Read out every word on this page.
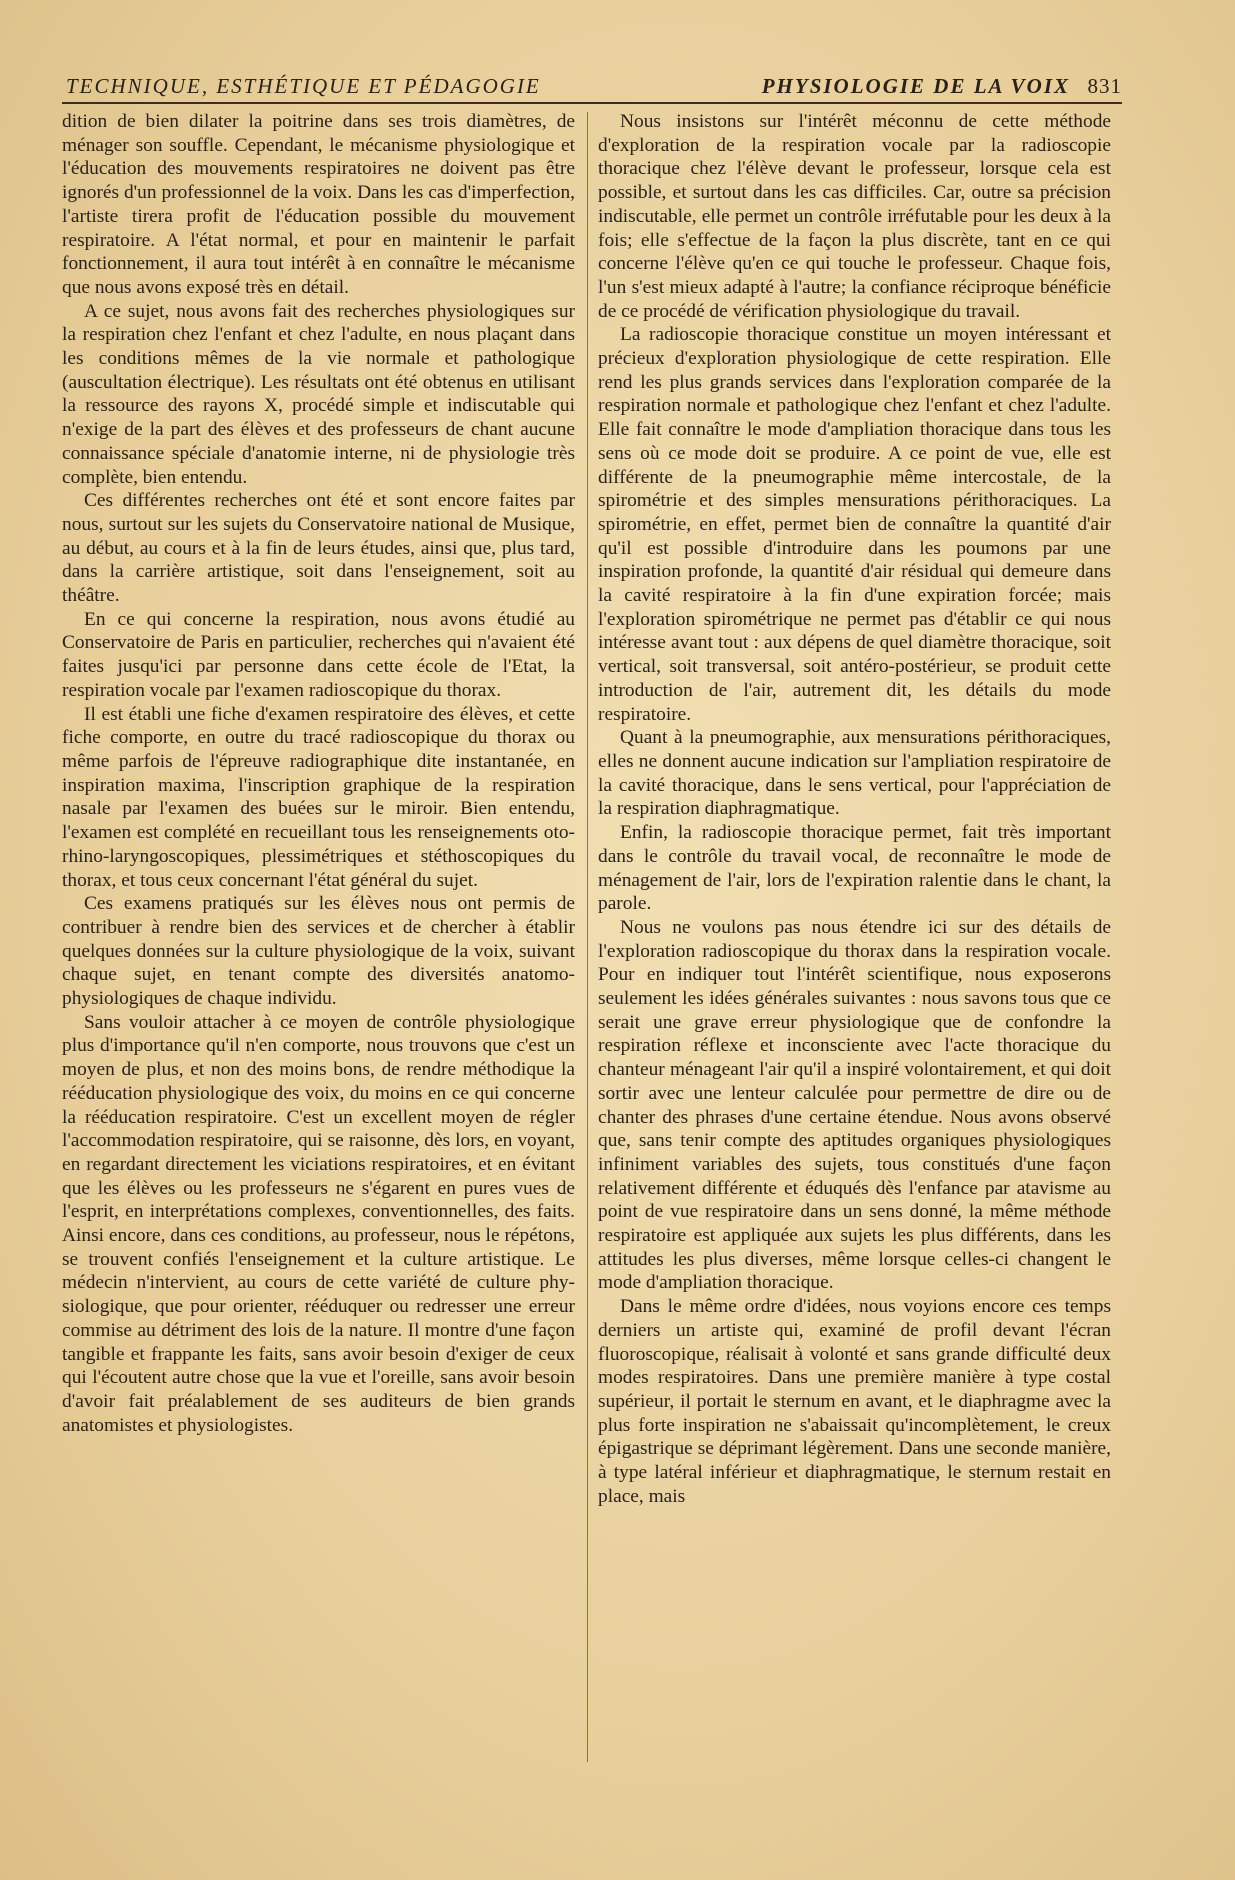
TECHNIQUE, ESTHÉTIQUE ET PÉDAGOGIE	PHYSIOLOGIE DE LA VOIX 831

dition de bien dilater la poitrine dans ses trois diamètres, de ménager son souffle. Cependant, le mécanisme physiologique et l'éducation des mouvements respiratoires ne doivent pas être ignorés d'un professionnel de la voix. Dans les cas d'imperfection, l'artiste tirera profit de l'éducation possible du mouvement respiratoire. A l'état normal, et pour en maintenir le parfait fonctionnement, il aura tout intérêt à en connaître le mécanisme que nous avons exposé très en détail.

A ce sujet, nous avons fait des recherches physiologiques sur la respiration chez l'enfant et chez l'adulte, en nous plaçant dans les conditions mêmes de la vie normale et pathologique (auscultation électrique). Les résultats ont été obtenus en utilisant la ressource des rayons X, procédé simple et indiscutable qui n'exige de la part des élèves et des professeurs de chant aucune connaissance spéciale d'anatomie interne, ni de physiologie très complète, bien entendu.

Ces différentes recherches ont été et sont encore faites par nous, surtout sur les sujets du Conservatoire national de Musique, au début, au cours et à la fin de leurs études, ainsi que, plus tard, dans la carrière artistique, soit dans l'enseignement, soit au théâtre.

En ce qui concerne la respiration, nous avons étudié au Conservatoire de Paris en particulier, recherches qui n'avaient été faites jusqu'ici par personne dans cette école de l'Etat, la respiration vocale par l'examen radioscopique du thorax.

Il est établi une fiche d'examen respiratoire des élèves, et cette fiche comporte, en outre du tracé radioscopique du thorax ou même parfois de l'épreuve radiographique dite instantanée, en inspiration maxima, l'inscription graphique de la respiration nasale par l'examen des buées sur le miroir. Bien entendu, l'examen est complété en recueillant tous les renseignements oto-rhino-laryngoscopiques, plessimétriques et stéthoscopiques du thorax, et tous ceux concernant l'état général du sujet.

Ces examens pratiqués sur les élèves nous ont permis de contribuer à rendre bien des services et de chercher à établir quelques données sur la culture physiologique de la voix, suivant chaque sujet, en tenant compte des diversités anatomo-physiologiques de chaque individu.

Sans vouloir attacher à ce moyen de contrôle physiologique plus d'importance qu'il n'en comporte, nous trouvons que c'est un moyen de plus, et non des moins bons, de rendre méthodique la rééducation physiologique des voix, du moins en ce qui concerne la rééducation respiratoire. C'est un excellent moyen de régler l'accommodation respiratoire, qui se raisonne, dès lors, en voyant, en regardant directement les viciations respiratoires, et en évitant que les élèves ou les professeurs ne s'égarent en pures vues de l'esprit, en interprétations complexes, conventionnelles, des faits. Ainsi encore, dans ces conditions, au professeur, nous le répétons, se trouvent confiés l'enseignement et la culture artistique. Le médecin n'intervient, au cours de cette variété de culture physiologique, que pour orienter, rééduquer ou redresser une erreur commise au détriment des lois de la nature. Il montre d'une façon tangible et frappante les faits, sans avoir besoin d'exiger de ceux qui l'écoutent autre chose que la vue et l'oreille, sans avoir besoin d'avoir fait préalablement de ses auditeurs de bien grands anatomistes et physiologistes.

Nous insistons sur l'intérêt méconnu de cette méthode d'exploration de la respiration vocale par la radioscopie thoracique chez l'élève devant le professeur, lorsque cela est possible, et surtout dans les cas difficiles. Car, outre sa précision indiscutable, elle permet un contrôle irréfutable pour les deux à la fois; elle s'effectue de la façon la plus discrète, tant en ce qui concerne l'élève qu'en ce qui touche le professeur. Chaque fois, l'un s'est mieux adapté à l'autre; la confiance réciproque bénéficie de ce procédé de vérification physiologique du travail.

La radioscopie thoracique constitue un moyen intéressant et précieux d'exploration physiologique de cette respiration. Elle rend les plus grands services dans l'exploration comparée de la respiration normale et pathologique chez l'enfant et chez l'adulte. Elle fait connaître le mode d'ampliation thoracique dans tous les sens où ce mode doit se produire. A ce point de vue, elle est différente de la pneumographie même intercostale, de la spirométrie et des simples mensurations périthoraciques. La spirométrie, en effet, permet bien de connaître la quantité d'air qu'il est possible d'introduire dans les poumons par une inspiration profonde, la quantité d'air résidual qui demeure dans la cavité respiratoire à la fin d'une expiration forcée; mais l'exploration spirométrique ne permet pas d'établir ce qui nous intéresse avant tout : aux dépens de quel diamètre thoracique, soit vertical, soit transversal, soit antéro-postérieur, se produit cette introduction de l'air, autrement dit, les détails du mode respiratoire.

Quant à la pneumographie, aux mensurations périthoraciques, elles ne donnent aucune indication sur l'ampliation respiratoire de la cavité thoracique, dans le sens vertical, pour l'appréciation de la respiration diaphragmatique.

Enfin, la radioscopie thoracique permet, fait très important dans le contrôle du travail vocal, de reconnaître le mode de ménagement de l'air, lors de l'expiration ralentie dans le chant, la parole.

Nous ne voulons pas nous étendre ici sur des détails de l'exploration radioscopique du thorax dans la respiration vocale. Pour en indiquer tout l'intérêt scientifique, nous exposerons seulement les idées générales suivantes : nous savons tous que ce serait une grave erreur physiologique que de confondre la respiration réflexe et inconsciente avec l'acte thoracique du chanteur ménageant l'air qu'il a inspiré volontairement, et qui doit sortir avec une lenteur calculée pour permettre de dire ou de chanter des phrases d'une certaine étendue. Nous avons observé que, sans tenir compte des aptitudes organiques physiologiques infiniment variables des sujets, tous constitués d'une façon relativement différente et éduqués dès l'enfance par atavisme au point de vue respiratoire dans un sens donné, la même méthode respiratoire est appliquée aux sujets les plus différents, dans les attitudes les plus diverses, même lorsque celles-ci changent le mode d'ampliation thoracique.

Dans le même ordre d'idées, nous voyions encore ces temps derniers un artiste qui, examiné de profil devant l'écran fluoroscopique, réalisait à volonté et sans grande difficulté deux modes respiratoires. Dans une première manière à type costal supérieur, il portait le sternum en avant, et le diaphragme avec la plus forte inspiration ne s'abaissait qu'incomplètement, le creux épigastrique se déprimant légèrement. Dans une seconde manière, à type latéral inférieur et diaphragmatique, le sternum restait en place, mais
